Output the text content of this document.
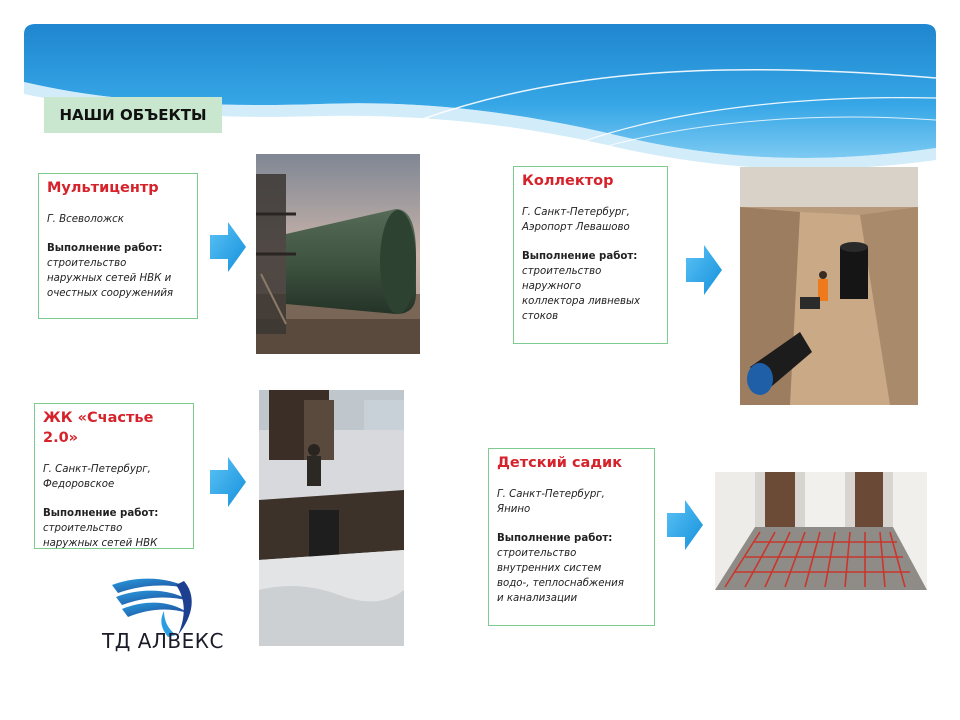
НАШИ ОБЪЕКТЫ
Мультицентр
Г. Всеволожск
Выполнение работ:
строительство
наружных сетей НВК и
очестных сооруженийя
Коллектор
Г. Санкт-Петербург,
Аэропорт Левашово
Выполнение работ:
строительство
наружного
коллектора ливневых
стоков
ЖК «Счастье 2.0»
Г. Санкт-Петербург,
Федоровское
Выполнение работ:
строительство
наружных сетей НВК
Детский садик
Г. Санкт-Петербург,
Янино
Выполнение работ:
строительство
внутренних систем
водо-, теплоснабжения
и канализации
ТД АЛВЕКС
